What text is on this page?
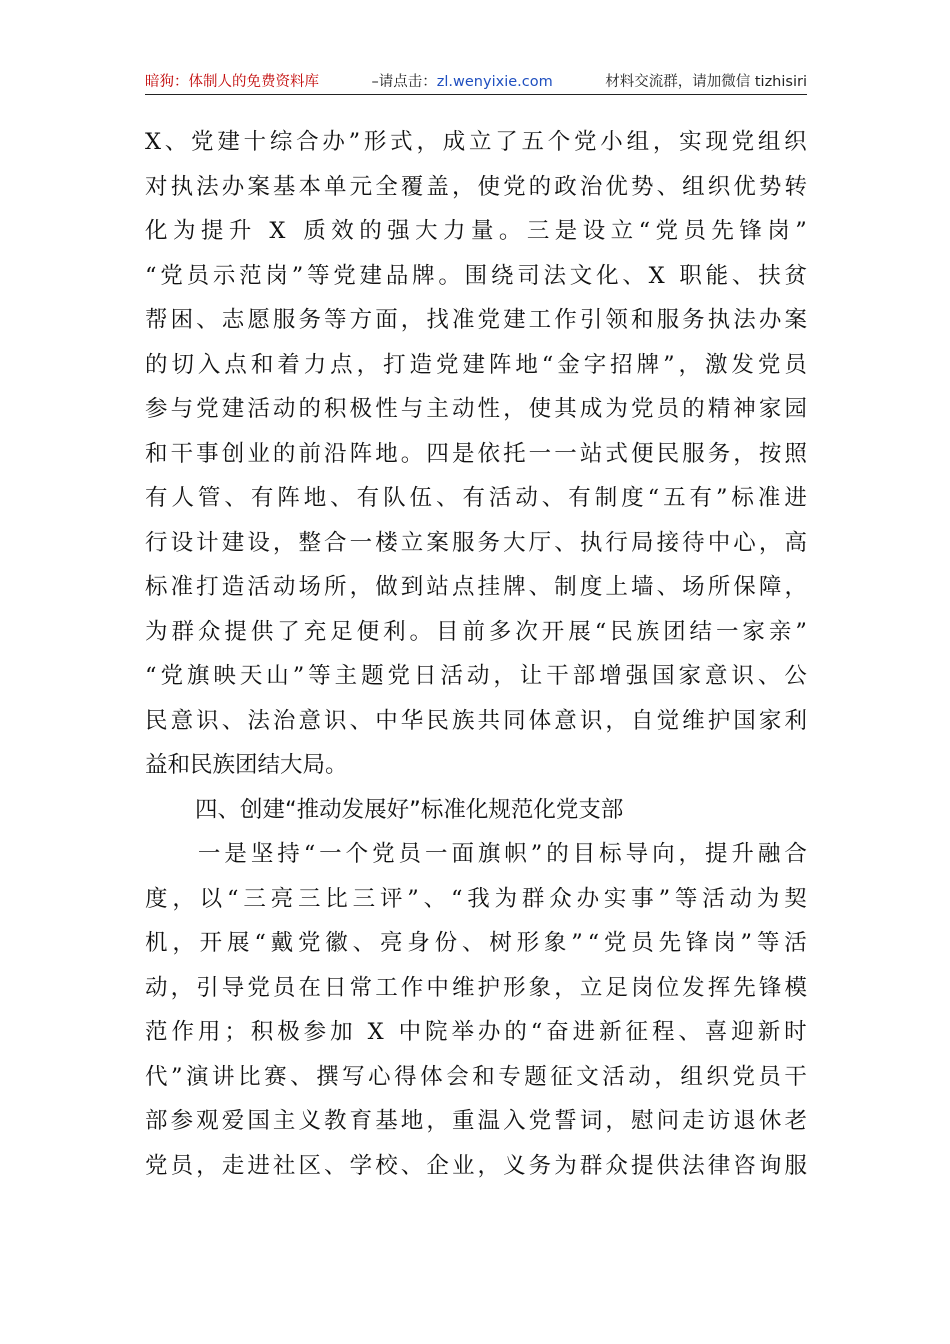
暗狗：体制人的免费资料库	–请点击：zl.wenyixie.com	材料交流群，请加微信 tizhisiri
X 、 党 建 十 综 合 办 ” 形 式 ， 成 立 了 五 个 党 小 组 ， 实 现 党 组 织
对 执 法 办 案 基 本 单 元 全 覆 盖 ， 使 党 的 政 治 优 势 、 组 织 优 势 转
化 为 提 升
X
质 效 的 强 大 力 量 。 三 是 设 立 “ 党 员 先 锋 岗 ”
“ 党 员 示 范 岗 ” 等 党 建 品 牌 。 围 绕 司 法 文 化 、 X
职 能 、 扶 贫
帮 困 、 志 愿 服 务 等 方 面 ， 找 准 党 建 工 作 引 领 和 服 务 执 法 办 案
的 切 入 点 和 着 力 点 ， 打 造 党 建 阵 地 “ 金 字 招 牌 ” ， 激 发 党 员
参 与 党 建 活 动 的 积 极 性 与 主 动 性 ， 使 其 成 为 党 员 的 精 神 家 园
和 干 事 创 业 的 前 沿 阵 地 。 四 是 依 托 一 一 站 式 便 民 服 务 ， 按 照
有 人 管 、 有 阵 地 、 有 队 伍 、 有 活 动 、 有 制 度 “ 五 有 ” 标 准 进
行 设 计 建 设 ， 整 合 一 楼 立 案 服 务 大 厅 、 执 行 局 接 待 中 心 ， 高
标 准 打 造 活 动 场 所 ， 做 到 站 点 挂 牌 、 制 度 上 墙 、 场 所 保 障 ，
为 群 众 提 供 了 充 足 便 利 。 目 前 多 次 开 展 “ 民 族 团 结 一 家 亲 ”
“ 党 旗 映 天 山 ” 等 主 题 党 日 活 动 ， 让 干 部 增 强 国 家 意 识 、 公
民 意 识 、 法 治 意 识 、 中 华 民 族 共 同 体 意 识 ， 自 觉 维 护 国 家 利
益和民族团结大局。
四、创建“推动发展好”标准化规范化党支部

一 是 坚 持 “ 一 个 党 员 一 面 旗 帜 ” 的 目 标 导 向 ， 提 升 融 合
度 ， 以 “ 三 亮 三 比 三 评 ” 、 “ 我 为 群 众 办 实 事 ” 等 活 动 为 契
机 ， 开 展 “ 戴 党 徽 、 亮 身 份 、 树 形 象 ” “ 党 员 先 锋 岗 ” 等 活
动 ， 引 导 党 员 在 日 常 工 作 中 维 护 形 象 ， 立 足 岗 位 发 挥 先 锋 模
范 作 用 ； 积 极 参 加
X
中 院 举 办 的 “ 奋 进 新 征 程 、 喜 迎 新 时
代 ” 演 讲 比 赛 、 撰 写 心 得 体 会 和 专 题 征 文 活 动 ， 组 织 党 员 干
部 参 观 爱 国 主 义 教 育 基 地 ， 重 温 入 党 誓 词 ， 慰 问 走 访 退 休 老
党 员 ， 走 进 社 区 、 学 校 、 企 业 ， 义 务 为 群 众 提 供 法 律 咨 询 服
